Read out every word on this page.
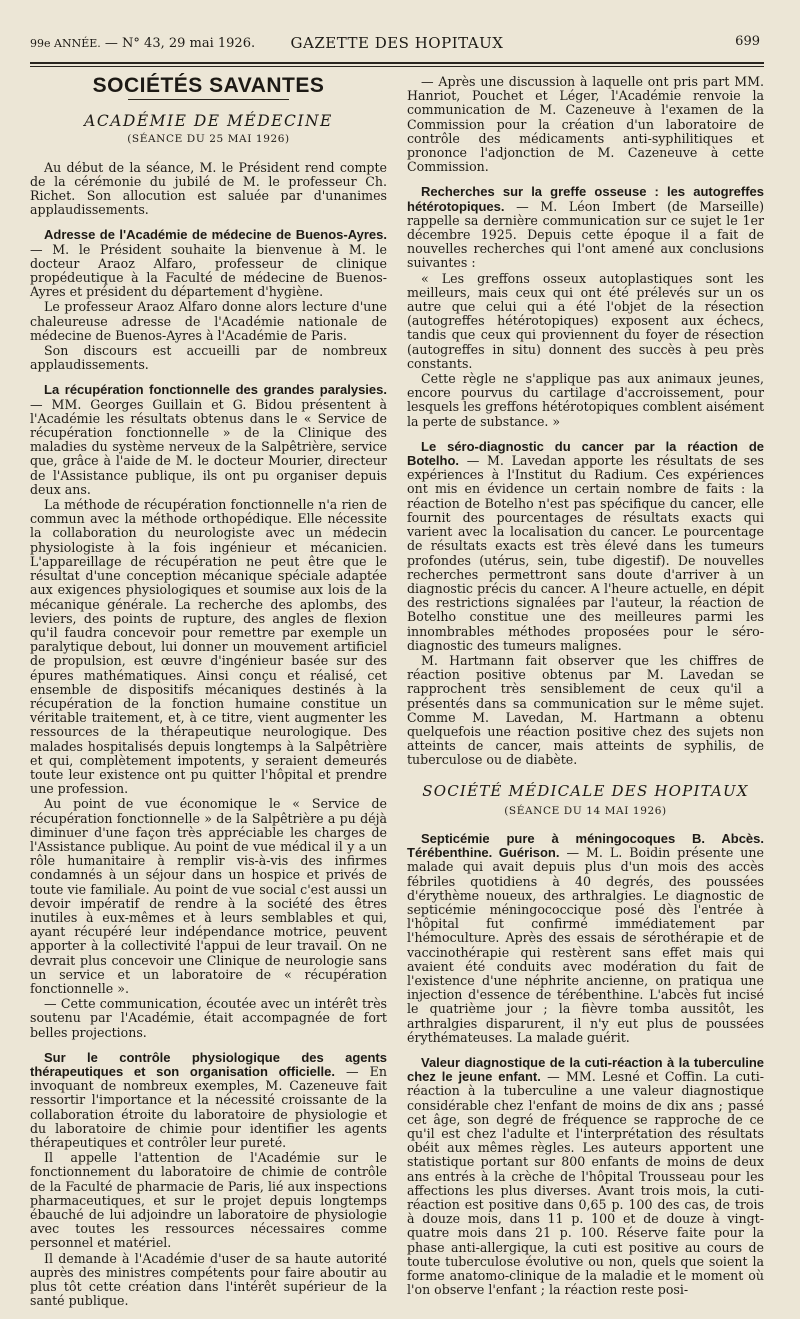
99e ANNÉE. — N° 43, 29 mai 1926.	GAZETTE DES HOPITAUX	699
SOCIÉTÉS SAVANTES
ACADÉMIE DE MÉDECINE
(SÉANCE DU 25 MAI 1926)

Au début de la séance, M. le Président rend compte de la cérémonie du jubilé de M. le professeur Ch. Richet. Son allocution est saluée par d'unanimes applaudissements.

Adresse de l'Académie de médecine de Buenos-Ayres. — M. le Président souhaite la bienvenue à M. le docteur Araoz Alfaro, professeur de clinique propédeutique à la Faculté de médecine de Buenos-Ayres et président du département d'hygiène.

Le professeur Araoz Alfaro donne alors lecture d'une chaleureuse adresse de l'Académie nationale de médecine de Buenos-Ayres à l'Académie de Paris.

Son discours est accueilli par de nombreux applaudissements.

La récupération fonctionnelle des grandes paralysies. — MM. Georges Guillain et G. Bidou présentent à l'Académie les résultats obtenus dans le « Service de récupération fonctionnelle » de la Clinique des maladies du système nerveux de la Salpêtrière, service que, grâce à l'aide de M. le docteur Mourier, directeur de l'Assistance publique, ils ont pu organiser depuis deux ans.

La méthode de récupération fonctionnelle n'a rien de commun avec la méthode orthopédique. Elle nécessite la collaboration du neurologiste avec un médecin physiologiste à la fois ingénieur et mécanicien. L'appareillage de récupération ne peut être que le résultat d'une conception mécanique spéciale adaptée aux exigences physiologiques et soumise aux lois de la mécanique générale. La recherche des aplombs, des leviers, des points de rupture, des angles de flexion qu'il faudra concevoir pour remettre par exemple un paralytique debout, lui donner un mouvement artificiel de propulsion, est œuvre d'ingénieur basée sur des épures mathématiques. Ainsi conçu et réalisé, cet ensemble de dispositifs mécaniques destinés à la récupération de la fonction humaine constitue un véritable traitement, et, à ce titre, vient augmenter les ressources de la thérapeutique neurologique. Des malades hospitalisés depuis longtemps à la Salpêtrière et qui, complètement impotents, y seraient demeurés toute leur existence ont pu quitter l'hôpital et prendre une profession.

Au point de vue économique le « Service de récupération fonctionnelle » de la Salpêtrière a pu déjà diminuer d'une façon très appréciable les charges de l'Assistance publique. Au point de vue médical il y a un rôle humanitaire à remplir vis-à-vis des infirmes condamnés à un séjour dans un hospice et privés de toute vie familiale. Au point de vue social c'est aussi un devoir impératif de rendre à la société des êtres inutiles à eux-mêmes et à leurs semblables et qui, ayant récupéré leur indépendance motrice, peuvent apporter à la collectivité l'appui de leur travail. On ne devrait plus concevoir une Clinique de neurologie sans un service et un laboratoire de « récupération fonctionnelle ».

— Cette communication, écoutée avec un intérêt très soutenu par l'Académie, était accompagnée de fort belles projections.

Sur le contrôle physiologique des agents thérapeutiques et son organisation officielle. — En invoquant de nombreux exemples, M. Cazeneuve fait ressortir l'importance et la nécessité croissante de la collaboration étroite du laboratoire de physiologie et du laboratoire de chimie pour identifier les agents thérapeutiques et contrôler leur pureté.

Il appelle l'attention de l'Académie sur le fonctionnement du laboratoire de chimie de contrôle de la Faculté de pharmacie de Paris, lié aux inspections pharmaceutiques, et sur le projet depuis longtemps ébauché de lui adjoindre un laboratoire de physiologie avec toutes les ressources nécessaires comme personnel et matériel.

Il demande à l'Académie d'user de sa haute autorité auprès des ministres compétents pour faire aboutir au plus tôt cette création dans l'intérêt supérieur de la santé publique.

— Après une discussion à laquelle ont pris part MM. Hanriot, Pouchet et Léger, l'Académie renvoie la communication de M. Cazeneuve à l'examen de la Commission pour la création d'un laboratoire de contrôle des médicaments anti-syphilitiques et prononce l'adjonction de M. Cazeneuve à cette Commission.

Recherches sur la greffe osseuse : les autogreffes hétérotopiques. — M. Léon Imbert (de Marseille) rappelle sa dernière communication sur ce sujet le 1er décembre 1925. Depuis cette époque il a fait de nouvelles recherches qui l'ont amené aux conclusions suivantes :

« Les greffons osseux autoplastiques sont les meilleurs, mais ceux qui ont été prélevés sur un os autre que celui qui a été l'objet de la résection (autogreffes hétérotopiques) exposent aux échecs, tandis que ceux qui proviennent du foyer de résection (autogreffes in situ) donnent des succès à peu près constants.

Cette règle ne s'applique pas aux animaux jeunes, encore pourvus du cartilage d'accroissement, pour lesquels les greffons hétérotopiques comblent aisément la perte de substance. »

Le séro-diagnostic du cancer par la réaction de Botelho. — M. Lavedan apporte les résultats de ses expériences à l'Institut du Radium. Ces expériences ont mis en évidence un certain nombre de faits : la réaction de Botelho n'est pas spécifique du cancer, elle fournit des pourcentages de résultats exacts qui varient avec la localisation du cancer. Le pourcentage de résultats exacts est très élevé dans les tumeurs profondes (utérus, sein, tube digestif). De nouvelles recherches permettront sans doute d'arriver à un diagnostic précis du cancer. A l'heure actuelle, en dépit des restrictions signalées par l'auteur, la réaction de Botelho constitue une des meilleures parmi les innombrables méthodes proposées pour le séro-diagnostic des tumeurs malignes.

M. Hartmann fait observer que les chiffres de réaction positive obtenus par M. Lavedan se rapprochent très sensiblement de ceux qu'il a présentés dans sa communication sur le même sujet. Comme M. Lavedan, M. Hartmann a obtenu quelquefois une réaction positive chez des sujets non atteints de cancer, mais atteints de syphilis, de tuberculose ou de diabète.

SOCIÉTÉ MÉDICALE DES HOPITAUX
(SÉANCE DU 14 MAI 1926)

Septicémie pure à méningocoques B. Abcès. Térébenthine. Guérison. — M. L. Boidin présente une malade qui avait depuis plus d'un mois des accès fébriles quotidiens à 40 degrés, des poussées d'érythème noueux, des arthralgies. Le diagnostic de septicémie méningococcique posé dès l'entrée à l'hôpital fut confirmé immédiatement par l'hémoculture. Après des essais de sérothérapie et de vaccinothérapie qui restèrent sans effet mais qui avaient été conduits avec modération du fait de l'existence d'une néphrite ancienne, on pratiqua une injection d'essence de térébenthine. L'abcès fut incisé le quatrième jour ; la fièvre tomba aussitôt, les arthralgies disparurent, il n'y eut plus de poussées érythémateuses. La malade guérit.

Valeur diagnostique de la cuti-réaction à la tuberculine chez le jeune enfant. — MM. Lesné et Coffin. La cuti-réaction à la tuberculine a une valeur diagnostique considérable chez l'enfant de moins de dix ans ; passé cet âge, son degré de fréquence se rapproche de ce qu'il est chez l'adulte et l'interprétation des résultats obéit aux mêmes règles. Les auteurs apportent une statistique portant sur 800 enfants de moins de deux ans entrés à la crèche de l'hôpital Trousseau pour les affections les plus diverses. Avant trois mois, la cuti-réaction est positive dans 0,65 p. 100 des cas, de trois à douze mois, dans 11 p. 100 et de douze à vingt-quatre mois dans 21 p. 100. Réserve faite pour la phase anti-allergique, la cuti est positive au cours de toute tuberculose évolutive ou non, quels que soient la forme anatomo-clinique de la maladie et le moment où l'on observe l'enfant ; la réaction reste posi-
